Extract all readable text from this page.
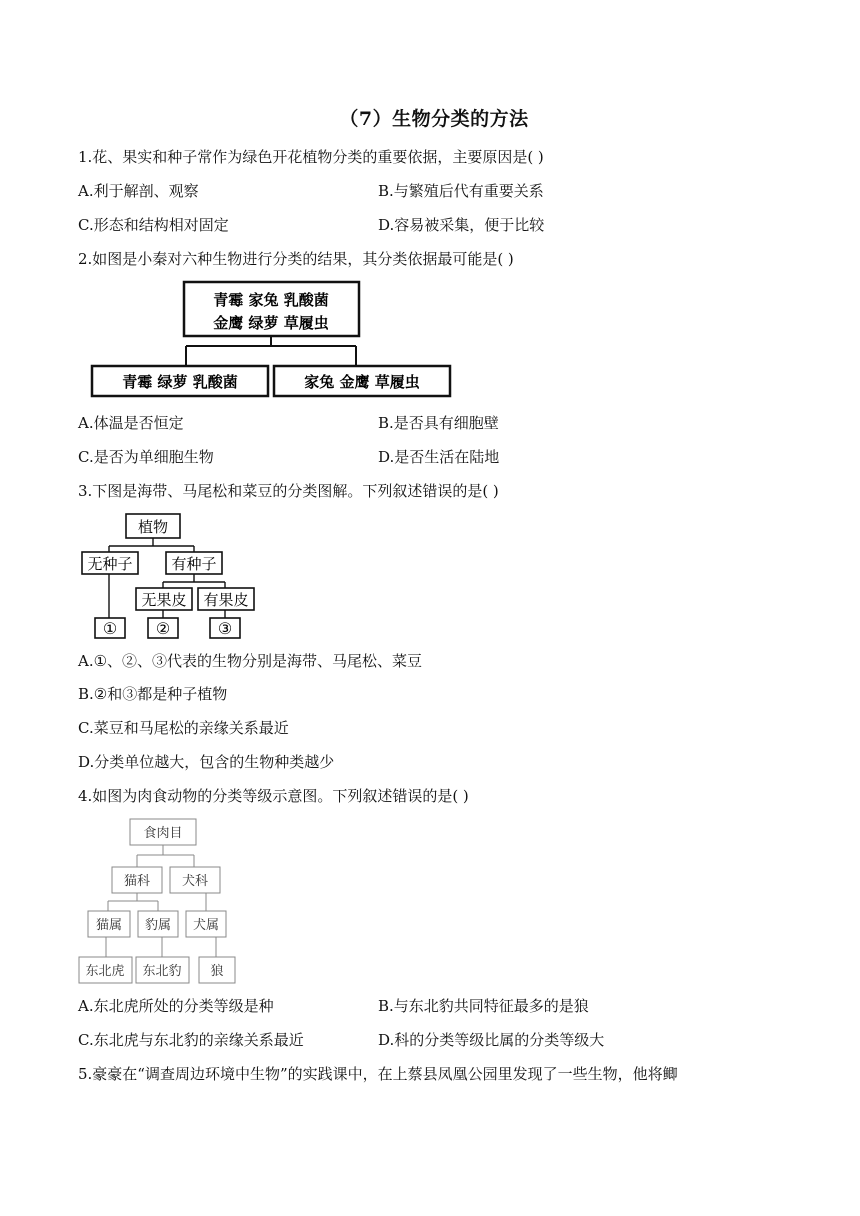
（7）生物分类的方法
1.花、果实和种子常作为绿色开花植物分类的重要依据，主要原因是( )
A.利于解剖、观察	B.与繁殖后代有重要关系
C.形态和结构相对固定	D.容易被采集，便于比较
2.如图是小秦对六种生物进行分类的结果，其分类依据最可能是( )
青霉 家兔 乳酸菌
金鹰 绿萝 草履虫
青霉 绿萝 乳酸菌	家兔 金鹰 草履虫
A.体温是否恒定	B.是否具有细胞壁
C.是否为单细胞生物	D.是否生活在陆地
3.下图是海带、马尾松和菜豆的分类图解。下列叙述错误的是( )
植物
无种子	有种子
无果皮 有果皮
① ②	③
A.①、②、③代表的生物分别是海带、马尾松、菜豆
B.②和③都是种子植物
C.菜豆和马尾松的亲缘关系最近
D.分类单位越大，包含的生物种类越少
4.如图为肉食动物的分类等级示意图。下列叙述错误的是( )
食肉目
猫科 犬科
猫属 豹属 犬属
东北虎 东北豹 狼
A.东北虎所处的分类等级是种	B.与东北豹共同特征最多的是狼
C.东北虎与东北豹的亲缘关系最近	D.科的分类等级比属的分类等级大
5.豪豪在“调查周边环境中生物”的实践课中，在上蔡县凤凰公园里发现了一些生物，他将鲫
